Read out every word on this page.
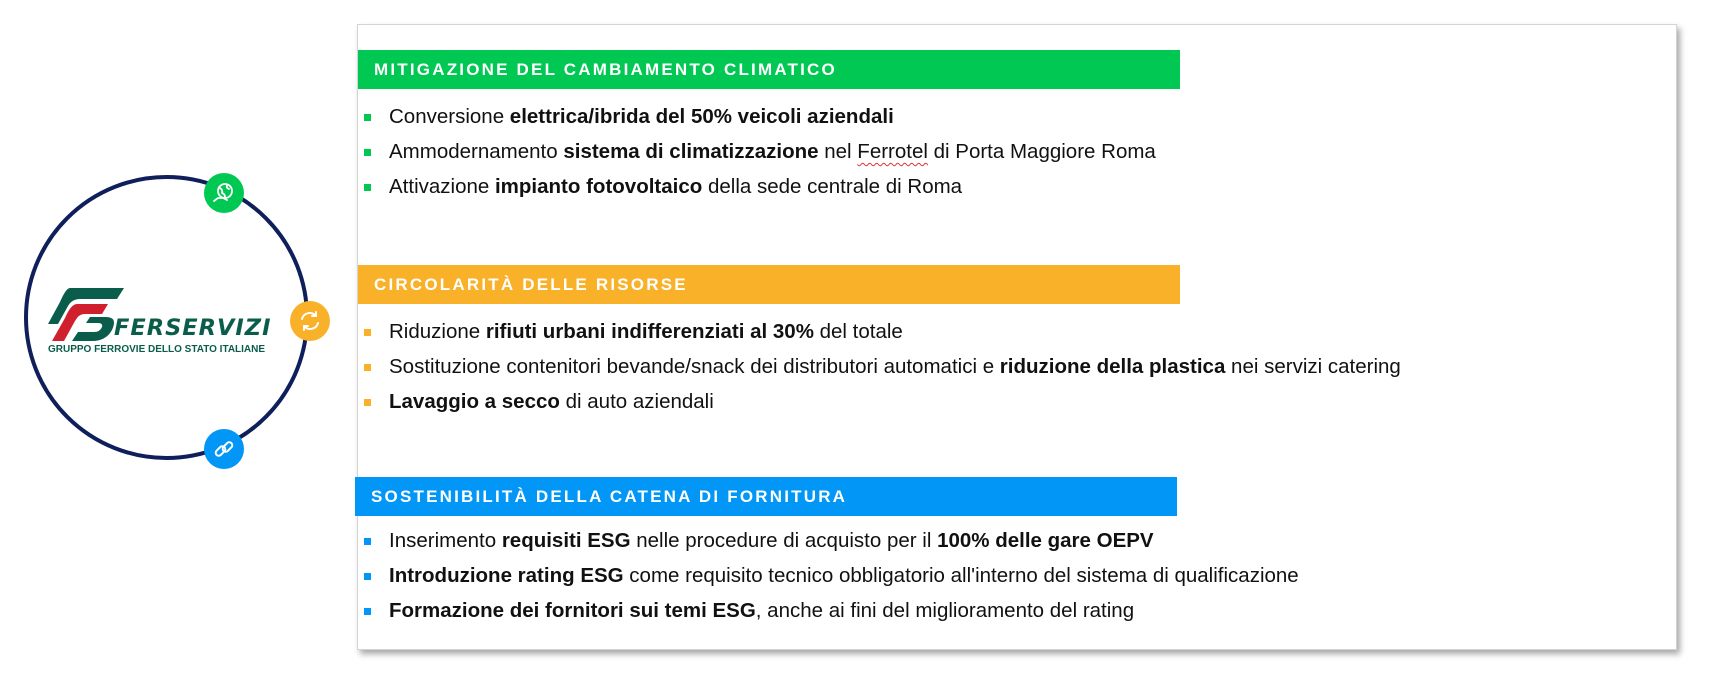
FERSERVIZI
GRUPPO FERROVIE DELLO STATO ITALIANE
MITIGAZIONE DEL CAMBIAMENTO CLIMATICO
Conversione elettrica/ibrida del 50% veicoli aziendali
Ammodernamento sistema di climatizzazione nel Ferrotel di Porta Maggiore Roma
Attivazione impianto fotovoltaico della sede centrale di Roma
CIRCOLARITÀ DELLE RISORSE
Riduzione rifiuti urbani indifferenziati al 30% del totale
Sostituzione contenitori bevande/snack dei distributori automatici e riduzione della plastica nei servizi catering
Lavaggio a secco di auto aziendali
SOSTENIBILITÀ DELLA CATENA DI FORNITURA
Inserimento requisiti ESG nelle procedure di acquisto per il 100% delle gare OEPV
Introduzione rating ESG come requisito tecnico obbligatorio all'interno del sistema di qualificazione
Formazione dei fornitori sui temi ESG, anche ai fini del miglioramento del rating
